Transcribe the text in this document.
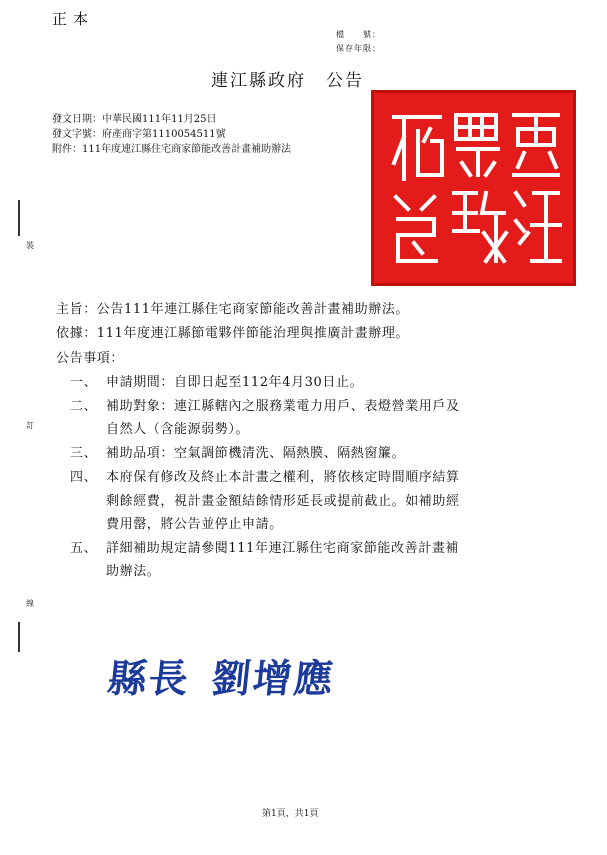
正本
檔　　號：
保存年限：
連江縣政府 公告
發文日期：中華民國111年11月25日
發文字號：府產商字第1110054511號
附件：111年度連江縣住宅商家節能改善計畫補助辦法
裝
訂
線
主旨：公告111年連江縣住宅商家節能改善計畫補助辦法。
依據：111年度連江縣節電夥伴節能治理與推廣計畫辦理。
公告事項：
一、 申請期間：自即日起至112年4月30日止。
二、 補助對象：連江縣轄內之服務業電力用戶、表燈營業用戶及
自然人（含能源弱勢）。
三、 補助品項：空氣調節機清洗、隔熱膜、隔熱窗簾。
四、 本府保有修改及終止本計畫之權利，將依核定時間順序結算
剩餘經費，視計畫金額結餘情形延長或提前截止。如補助經
費用罄，將公告並停止申請。
五、 詳細補助規定請參閱111年連江縣住宅商家節能改善計畫補
助辦法。
縣長 劉增應
第1頁，共1頁
